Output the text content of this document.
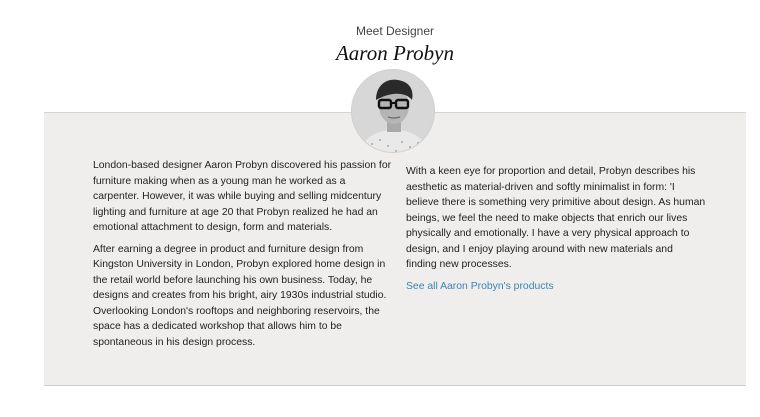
Meet Designer
Aaron Probyn

London-based designer Aaron Probyn discovered his passion for furniture making when as a young man he worked as a carpenter. However, it was while buying and selling midcentury lighting and furniture at age 20 that Probyn realized he had an emotional attachment to design, form and materials.

After earning a degree in product and furniture design from Kingston University in London, Probyn explored home design in the retail world before launching his own business. Today, he designs and creates from his bright, airy 1930s industrial studio. Overlooking London's rooftops and neighboring reservoirs, the space has a dedicated workshop that allows him to be spontaneous in his design process.

With a keen eye for proportion and detail, Probyn describes his aesthetic as material-driven and softly minimalist in form: 'I believe there is something very primitive about design. As human beings, we feel the need to make objects that enrich our lives physically and emotionally. I have a very physical approach to design, and I enjoy playing around with new materials and finding new processes.

See all Aaron Probyn's products
